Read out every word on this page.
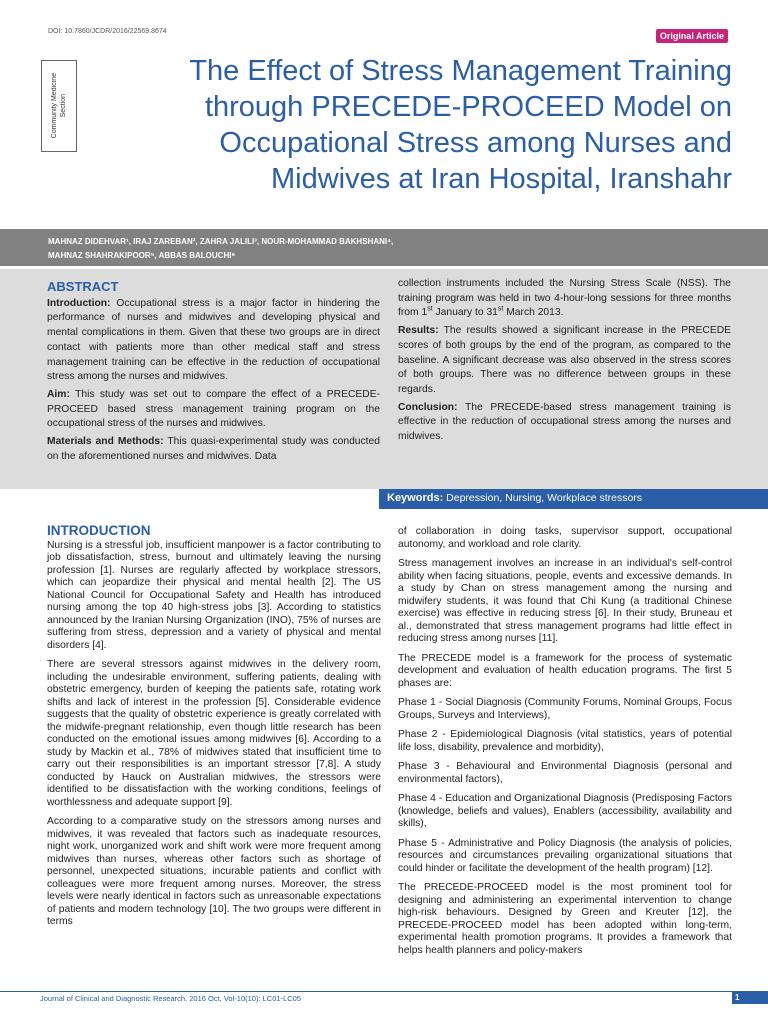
DOI: 10.7860/JCDR/2016/22569.8674	Original Article
Community Medicine Section
The Effect of Stress Management Training through PRECEDE-PROCEED Model on Occupational Stress among Nurses and Midwives at Iran Hospital, Iranshahr
MAHNAZ DIDEHVAR¹, IRAJ ZAREBAN², ZAHRA JALILI³, NOUR-MOHAMMAD BAKHSHANI⁴,
MAHNAZ SHAHRAKIPOOR⁵, ABBAS BALOUCHI⁶
ABSTRACT

Introduction: Occupational stress is a major factor in hindering the performance of nurses and midwives and developing physical and mental complications in them. Given that these two groups are in direct contact with patients more than other medical staff and stress management training can be effective in the reduction of occupational stress among the nurses and midwives.

Aim: This study was set out to compare the effect of a PRECEDE-PROCEED based stress management training program on the occupational stress of the nurses and midwives.

Materials and Methods: This quasi-experimental study was conducted on the aforementioned nurses and midwives. Data

collection instruments included the Nursing Stress Scale (NSS). The training program was held in two 4-hour-long sessions for three months from 1st January to 31st March 2013.

Results: The results showed a significant increase in the PRECEDE scores of both groups by the end of the program, as compared to the baseline. A significant decrease was also observed in the stress scores of both groups. There was no difference between groups in these regards.

Conclusion: The PRECEDE-based stress management training is effective in the reduction of occupational stress among the nurses and midwives.

Keywords: Depression, Nursing, Workplace stressors
INTRODUCTION

Nursing is a stressful job, insufficient manpower is a factor contributing to job dissatisfaction, stress, burnout and ultimately leaving the nursing profession [1]. Nurses are regularly affected by workplace stressors, which can jeopardize their physical and mental health [2]. The US National Council for Occupational Safety and Health has introduced nursing among the top 40 high-stress jobs [3]. According to statistics announced by the Iranian Nursing Organization (INO), 75% of nurses are suffering from stress, depression and a variety of physical and mental disorders [4].

There are several stressors against midwives in the delivery room, including the undesirable environment, suffering patients, dealing with obstetric emergency, burden of keeping the patients safe, rotating work shifts and lack of interest in the profession [5]. Considerable evidence suggests that the quality of obstetric experience is greatly correlated with the midwife-pregnant relationship, even though little research has been conducted on the emotional issues among midwives [6]. According to a study by Mackin et al., 78% of midwives stated that insufficient time to carry out their responsibilities is an important stressor [7,8]. A study conducted by Hauck on Australian midwives, the stressors were identified to be dissatisfaction with the working conditions, feelings of worthlessness and adequate support [9].

According to a comparative study on the stressors among nurses and midwives, it was revealed that factors such as inadequate resources, night work, unorganized work and shift work were more frequent among midwives than nurses, whereas other factors such as shortage of personnel, unexpected situations, incurable patients and conflict with colleagues were more frequent among nurses. Moreover, the stress levels were nearly identical in factors such as unreasonable expectations of patients and modern technology [10]. The two groups were different in terms

of collaboration in doing tasks, supervisor support, occupational autonomy, and workload and role clarity.

Stress management involves an increase in an individual's self-control ability when facing situations, people, events and excessive demands. In a study by Chan on stress management among the nursing and midwifery students, it was found that Chi Kung (a traditional Chinese exercise) was effective in reducing stress [6]. In their study, Bruneau et al., demonstrated that stress management programs had little effect in reducing stress among nurses [11].

The PRECEDE model is a framework for the process of systematic development and evaluation of health education programs. The first 5 phases are:

Phase 1 - Social Diagnosis (Community Forums, Nominal Groups, Focus Groups, Surveys and Interviews),

Phase 2 - Epidemiological Diagnosis (vital statistics, years of potential life loss, disability, prevalence and morbidity),

Phase 3 - Behavioural and Environmental Diagnosis (personal and environmental factors),

Phase 4 - Education and Organizational Diagnosis (Predisposing Factors (knowledge, beliefs and values), Enablers (accessibility, availability and skills),

Phase 5 - Administrative and Policy Diagnosis (the analysis of policies, resources and circumstances prevailing organizational situations that could hinder or facilitate the development of the health program) [12].

The PRECEDE-PROCEED model is the most prominent tool for designing and administering an experimental intervention to change high-risk behaviours. Designed by Green and Kreuter [12], the PRECEDE-PROCEED model has been adopted within long-term, experimental health promotion programs. It provides a framework that helps health planners and policy-makers

Journal of Clinical and Diagnostic Research. 2016 Oct, Vol-10(10): LC01-LC05	1
